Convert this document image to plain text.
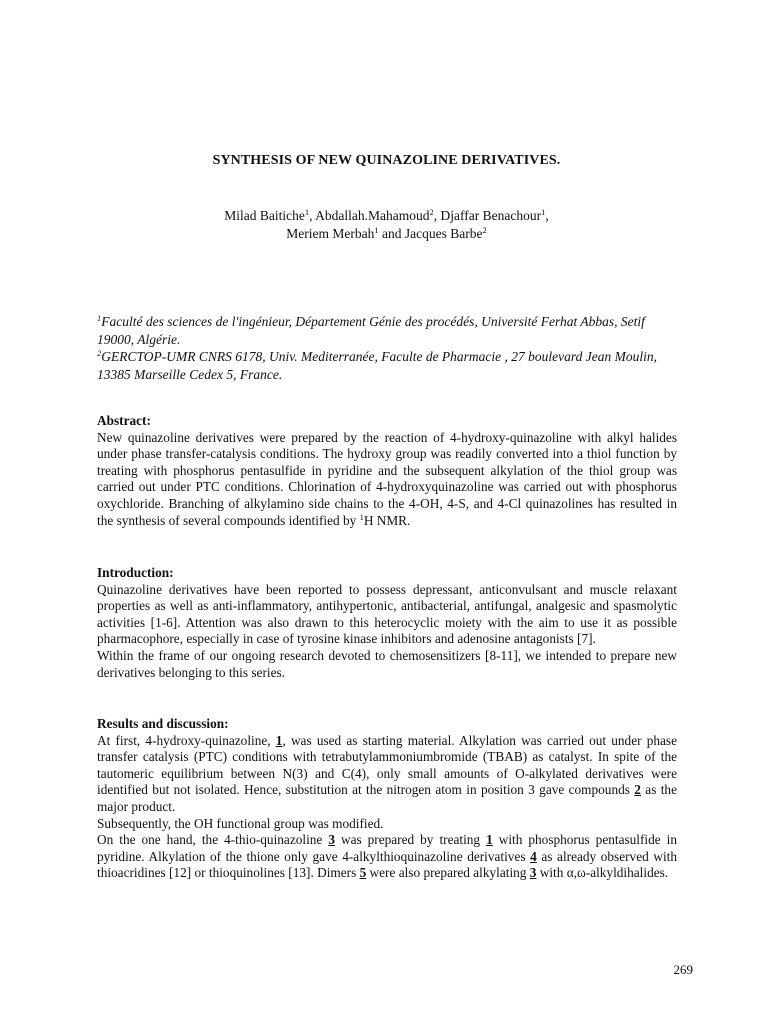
SYNTHESIS OF NEW QUINAZOLINE DERIVATIVES.
Milad Baitiche$^1$, Abdallah.Mahamoud$^2$, Djaffar Benachour$^1$,
Meriem Merbah$^1$ and Jacques Barbe$^2$
$^1$Faculté des sciences de l'ingénieur, Département Génie des procédés, Université Ferhat Abbas, Setif 19000, Algérie.
$^2$GERCTOP-UMR CNRS 6178, Univ. Mediterranée, Faculte de Pharmacie , 27 boulevard Jean Moulin, 13385 Marseille Cedex 5, France.

Abstract:

New quinazoline derivatives were prepared by the reaction of 4-hydroxy-quinazoline with alkyl halides under phase transfer-catalysis conditions. The hydroxy group was readily converted into a thiol function by treating with phosphorus pentasulfide in pyridine and the subsequent alkylation of the thiol group was carried out under PTC conditions. Chlorination of 4-hydroxyquinazoline was carried out with phosphorus oxychloride. Branching of alkylamino side chains to the 4-OH, 4-S, and 4-Cl quinazolines has resulted in the synthesis of several compounds identified by $^1$H NMR.

Introduction:

Quinazoline derivatives have been reported to possess depressant, anticonvulsant and muscle relaxant properties as well as anti-inflammatory, antihypertonic, antibacterial, antifungal, analgesic and spasmolytic activities [1-6]. Attention was also drawn to this heterocyclic moiety with the aim to use it as possible pharmacophore, especially in case of tyrosine kinase inhibitors and adenosine antagonists [7].

Within the frame of our ongoing research devoted to chemosensitizers [8-11], we intended to prepare new derivatives belonging to this series.

Results and discussion:

At first, 4-hydroxy-quinazoline, 1, was used as starting material. Alkylation was carried out under phase transfer catalysis (PTC) conditions with tetrabutylammoniumbromide (TBAB) as catalyst. In spite of the tautomeric equilibrium between N(3) and C(4), only small amounts of O-alkylated derivatives were identified but not isolated. Hence, substitution at the nitrogen atom in position 3 gave compounds 2 as the major product.

Subsequently, the OH functional group was modified.

On the one hand, the 4-thio-quinazoline 3 was prepared by treating 1 with phosphorus pentasulfide in pyridine. Alkylation of the thione only gave 4-alkylthioquinazoline derivatives 4 as already observed with thioacridines [12] or thioquinolines [13]. Dimers 5 were also prepared alkylating 3 with α,ω-alkyldihalides.

269
